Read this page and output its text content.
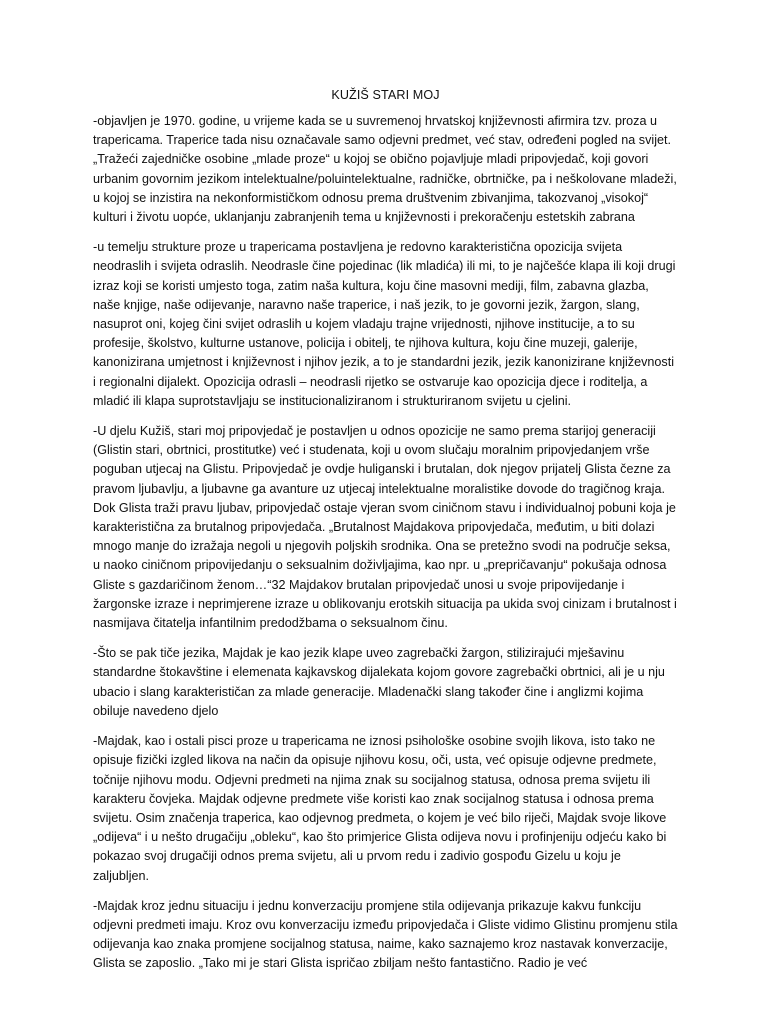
KUŽIŠ STARI MOJ

-objavljen je 1970. godine, u vrijeme kada se u suvremenoj hrvatskoj književnosti afirmira tzv. proza u trapericama. Traperice tada nisu označavale samo odjevni predmet, već stav, određeni pogled na svijet. „Tražeći zajedničke osobine „mlade proze“ u kojoj se obično pojavljuje mladi pripovjedač, koji govori urbanim govornim jezikom intelektualne/poluintelektualne, radničke, obrtničke, pa i neškolovane mladeži, u kojoj se inzistira na nekonformističkom odnosu prema društvenim zbivanjima, takozvanoj „visokoj“ kulturi i životu uopće, uklanjanju zabranjenih tema u književnosti i prekoračenju estetskih zabrana

-u temelju strukture proze u trapericama postavljena je redovno karakteristična opozicija svijeta neodraslih i svijeta odraslih. Neodrasle čine pojedinac (lik mladića) ili mi, to je najčešće klapa ili koji drugi izraz koji se koristi umjesto toga, zatim naša kultura, koju čine masovni mediji, film, zabavna glazba, naše knjige, naše odijevanje, naravno naše traperice, i naš jezik, to je govorni jezik, žargon, slang, nasuprot oni, kojeg čini svijet odraslih u kojem vladaju trajne vrijednosti, njihove institucije, a to su profesije, školstvo, kulturne ustanove, policija i obitelj, te njihova kultura, koju čine muzeji, galerije, kanonizirana umjetnost i književnost i njihov jezik, a to je standardni jezik, jezik kanonizirane književnosti i regionalni dijalekt. Opozicija odrasli – neodrasli rijetko se ostvaruje kao opozicija djece i roditelja, a mladić ili klapa suprotstavljaju se institucionaliziranom i strukturiranom svijetu u cjelini.

-U djelu Kužiš, stari moj pripovjedač je postavljen u odnos opozicije ne samo prema starijoj generaciji (Glistin stari, obrtnici, prostitutke) već i studenata, koji u ovom slučaju moralnim pripovjedanjem vrše poguban utjecaj na Glistu. Pripovjedač je ovdje huliganski i brutalan, dok njegov prijatelj Glista čezne za pravom ljubavlju, a ljubavne ga avanture uz utjecaj intelektualne moralistike dovode do tragičnog kraja. Dok Glista traži pravu ljubav, pripovjedač ostaje vjeran svom ciničnom stavu i individualnoj pobuni koja je karakteristična za brutalnog pripovjedača. „Brutalnost Majdakova pripovjedača, međutim, u biti dolazi mnogo manje do izražaja negoli u njegovih poljskih srodnika. Ona se pretežno svodi na područje seksa, u naoko ciničnom pripovijedanju o seksualnim doživljajima, kao npr. u „prepričavanju“ pokušaja odnosa Gliste s gazdaričinom ženom…“32 Majdakov brutalan pripovjedač unosi u svoje pripovijedanje i žargonske izraze i neprimjerene izraze u oblikovanju erotskih situacija pa ukida svoj cinizam i brutalnost i nasmijava čitatelja infantilnim predodžbama o seksualnom činu.

-Što se pak tiče jezika, Majdak je kao jezik klape uveo zagrebački žargon, stilizirajući mješavinu standardne štokavštine i elemenata kajkavskog dijalekata kojom govore zagrebački obrtnici, ali je u nju ubacio i slang karakterističan za mlade generacije. Mladenački slang također čine i anglizmi kojima obiluje navedeno djelo

-Majdak, kao i ostali pisci proze u trapericama ne iznosi psihološke osobine svojih likova, isto tako ne opisuje fizički izgled likova na način da opisuje njihovu kosu, oči, usta, već opisuje odjevne predmete, točnije njihovu modu. Odjevni predmeti na njima znak su socijalnog statusa, odnosa prema svijetu ili karakteru čovjeka. Majdak odjevne predmete više koristi kao znak socijalnog statusa i odnosa prema svijetu. Osim značenja traperica, kao odjevnog predmeta, o kojem je već bilo riječi, Majdak svoje likove „odijeva“ i u nešto drugačiju „obleku“, kao što primjerice Glista odijeva novu i profinjeniju odjeću kako bi pokazao svoj drugačiji odnos prema svijetu, ali u prvom redu i zadivio gospođu Gizelu u koju je zaljubljen.

-Majdak kroz jednu situaciju i jednu konverzaciju promjene stila odijevanja prikazuje kakvu funkciju odjevni predmeti imaju. Kroz ovu konverzaciju između pripovjedača i Gliste vidimo Glistinu promjenu stila odijevanja kao znaka promjene socijalnog statusa, naime, kako saznajemo kroz nastavak konverzacije, Glista se zaposlio. „Tako mi je stari Glista ispričao zbiljam nešto fantastično. Radio je već
